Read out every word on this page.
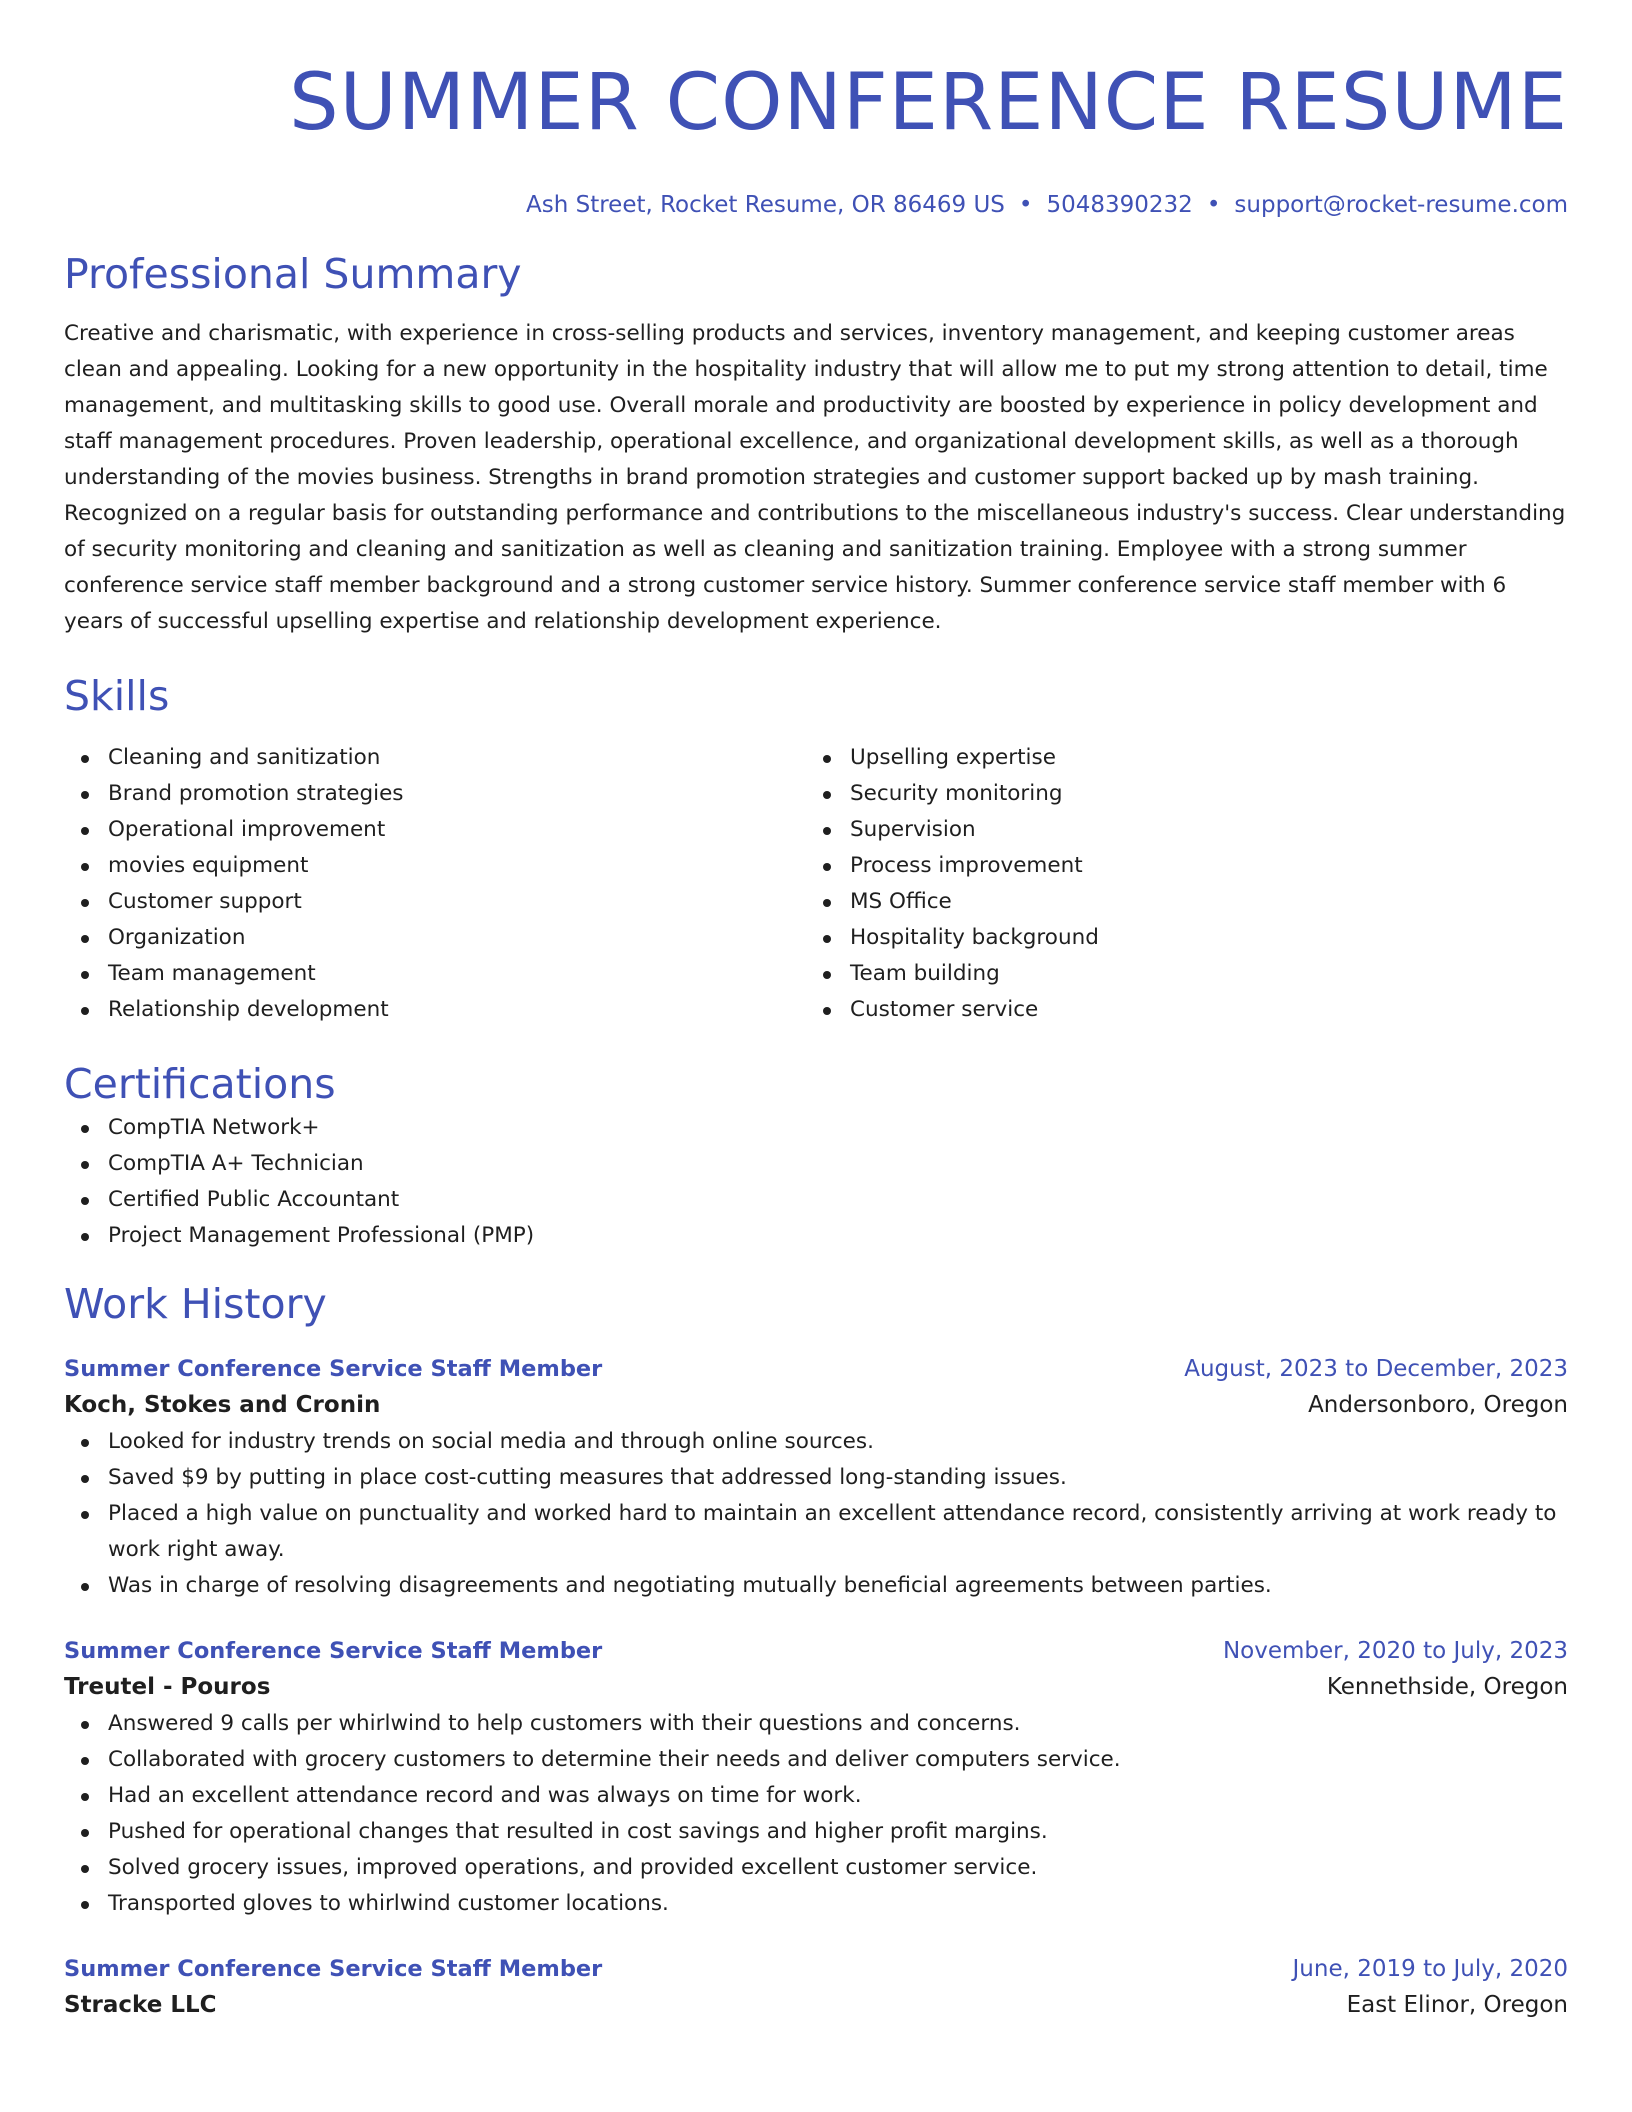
SUMMER CONFERENCE RESUME
Ash Street, Rocket Resume, OR 86469 US • 5048390232 • support@rocket-resume.com
Professional Summary

Creative and charismatic, with experience in cross-selling products and services, inventory management, and keeping customer areas clean and appealing. Looking for a new opportunity in the hospitality industry that will allow me to put my strong attention to detail, time management, and multitasking skills to good use. Overall morale and productivity are boosted by experience in policy development and staff management procedures. Proven leadership, operational excellence, and organizational development skills, as well as a thorough understanding of the movies business. Strengths in brand promotion strategies and customer support backed up by mash training. Recognized on a regular basis for outstanding performance and contributions to the miscellaneous industry's success. Clear understanding of security monitoring and cleaning and sanitization as well as cleaning and sanitization training. Employee with a strong summer conference service staff member background and a strong customer service history. Summer conference service staff member with 6 years of successful upselling expertise and relationship development experience.

Skills
Cleaning and sanitization
Brand promotion strategies
Operational improvement
movies equipment
Customer support
Organization
Team management
Relationship development
Upselling expertise
Security monitoring
Supervision
Process improvement
MS Office
Hospitality background
Team building
Customer service
Certifications
CompTIA Network+
CompTIA A+ Technician
Certified Public Accountant
Project Management Professional (PMP)
Work History
Summer Conference Service Staff Member	August, 2023 to December, 2023
Koch, Stokes and Cronin	Andersonboro, Oregon
Looked for industry trends on social media and through online sources.
Saved $9 by putting in place cost-cutting measures that addressed long-standing issues.
Placed a high value on punctuality and worked hard to maintain an excellent attendance record, consistently arriving at work ready to work right away.
Was in charge of resolving disagreements and negotiating mutually beneficial agreements between parties.
Summer Conference Service Staff Member	November, 2020 to July, 2023
Treutel - Pouros	Kennethside, Oregon
Answered 9 calls per whirlwind to help customers with their questions and concerns.
Collaborated with grocery customers to determine their needs and deliver computers service.
Had an excellent attendance record and was always on time for work.
Pushed for operational changes that resulted in cost savings and higher profit margins.
Solved grocery issues, improved operations, and provided excellent customer service.
Transported gloves to whirlwind customer locations.
Summer Conference Service Staff Member	June, 2019 to July, 2020
Stracke LLC	East Elinor, Oregon
